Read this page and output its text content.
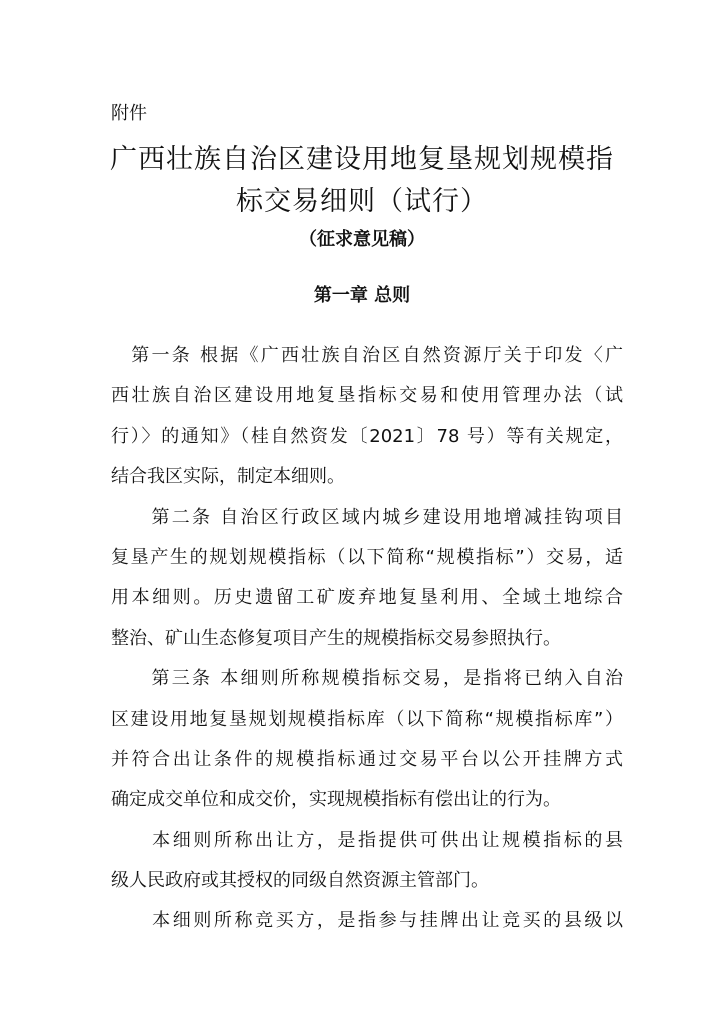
附件
广西壮族自治区建设用地复垦规划规模指
标交易细则（试行）
（征求意见稿）
第一章 总则
　第一条 根据《广西壮族自治区自然资源厅关于印发〈广
西壮族自治区建设用地复垦指标交易和使用管理办法（试
行）〉的通知》（桂自然资发〔2021〕78 号）等有关规定，
结合我区实际，制定本细则。
　　第二条 自治区行政区域内城乡建设用地增减挂钩项目
复垦产生的规划规模指标（以下简称“规模指标”）交易，适
用本细则。历史遗留工矿废弃地复垦利用、全域土地综合
整治、矿山生态修复项目产生的规模指标交易参照执行。
　　第三条 本细则所称规模指标交易，是指将已纳入自治
区建设用地复垦规划规模指标库（以下简称“规模指标库”）
并符合出让条件的规模指标通过交易平台以公开挂牌方式
确定成交单位和成交价，实现规模指标有偿出让的行为。
　　本细则所称出让方，是指提供可供出让规模指标的县
级人民政府或其授权的同级自然资源主管部门。
　　本细则所称竞买方，是指参与挂牌出让竞买的县级以
